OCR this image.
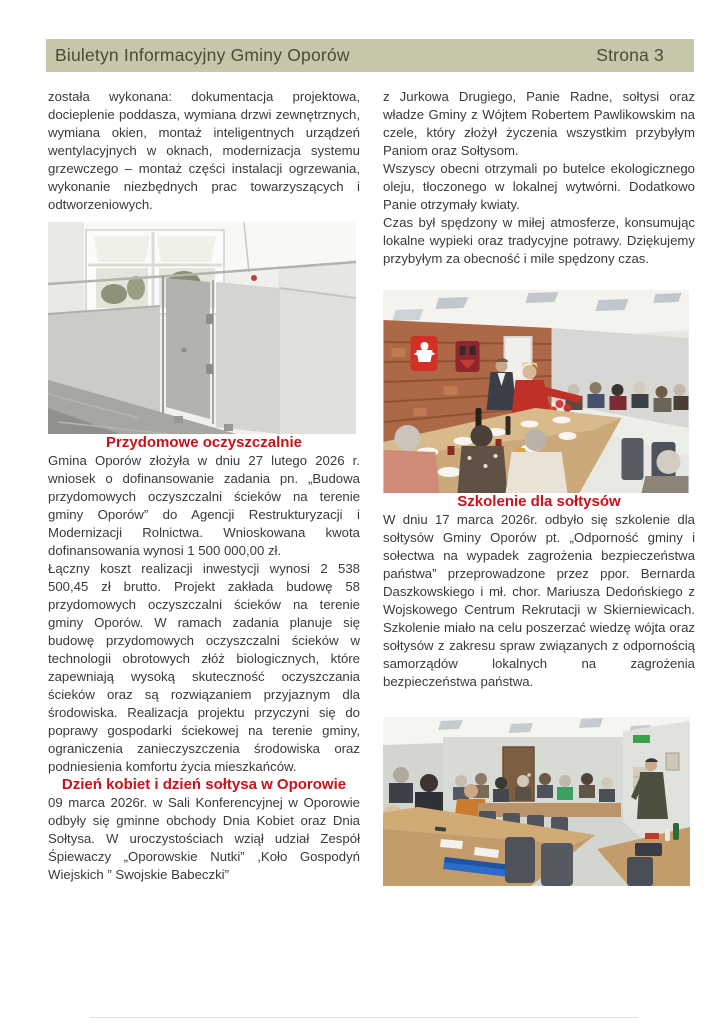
Biuletyn Informacyjny Gminy Oporów	Strona 3

została wykonana: dokumentacja projektowa, docieplenie poddasza, wymiana drzwi zewnętrznych, wymiana okien, montaż inteligentnych urządzeń wentylacyjnych w oknach, modernizacja systemu grzewczego – montaż części instalacji ogrzewania, wykonanie niezbędnych prac towarzyszących i odtworzeniowych.

Przydomowe oczyszczalnie

Gmina Oporów złożyła w dniu 27 lutego 2026 r. wniosek o dofinansowanie zadania pn. „Budowa przydomowych oczyszczalni ścieków na terenie gminy Oporów” do Agencji Restrukturyzacji i Modernizacji Rolnictwa. Wnioskowana kwota dofinansowania wynosi 1 500 000,00 zł.

Łączny koszt realizacji inwestycji wynosi 2 538 500,45 zł brutto. Projekt zakłada budowę 58 przydomowych oczyszczalni ścieków na terenie gminy Oporów. W ramach zadania planuje się budowę przydomowych oczyszczalni ścieków w technologii obrotowych złóż biologicznych, które zapewniają wysoką skuteczność oczyszczania ścieków oraz są rozwiązaniem przyjaznym dla środowiska. Realizacja projektu przyczyni się do poprawy gospodarki ściekowej na terenie gminy, ograniczenia zanieczyszczenia środowiska oraz podniesienia komfortu życia mieszkańców.

Dzień kobiet i dzień sołtysa w Oporowie

09 marca 2026r. w Sali Konferencyjnej w Oporowie odbyły się gminne obchody Dnia Kobiet oraz Dnia Sołtysa. W uroczystościach wziął udział Zespół Śpiewaczy „Oporowskie Nutki” ,Koło Gospodyń Wiejskich ” Swojskie Babeczki”

z Jurkowa Drugiego, Panie Radne, sołtysi oraz władze Gminy z Wójtem Robertem Pawlikowskim na czele, który złożył życzenia wszystkim przybyłym Paniom oraz Sołtysom.

Wszyscy obecni otrzymali po butelce ekologicznego oleju, tłoczonego w lokalnej wytwórni. Dodatkowo Panie otrzymały kwiaty.

Czas był spędzony w miłej atmosferze, konsumując lokalne wypieki oraz tradycyjne potrawy. Dziękujemy przybyłym za obecność i mile spędzony czas.

Szkolenie dla sołtysów

W dniu 17 marca 2026r. odbyło się szkolenie dla sołtysów Gminy Oporów pt. „Odporność gminy i sołectwa na wypadek zagrożenia bezpieczeństwa państwa” przeprowadzone przez ppor. Bernarda Daszkowskiego i mł. chor. Mariusza Dedońskiego z Wojskowego Centrum Rekrutacji w Skierniewicach. Szkolenie miało na celu poszerzać wiedzę wójta oraz sołtysów z zakresu spraw związanych z odpornością samorządów lokalnych na zagrożenia bezpieczeństwa państwa.
